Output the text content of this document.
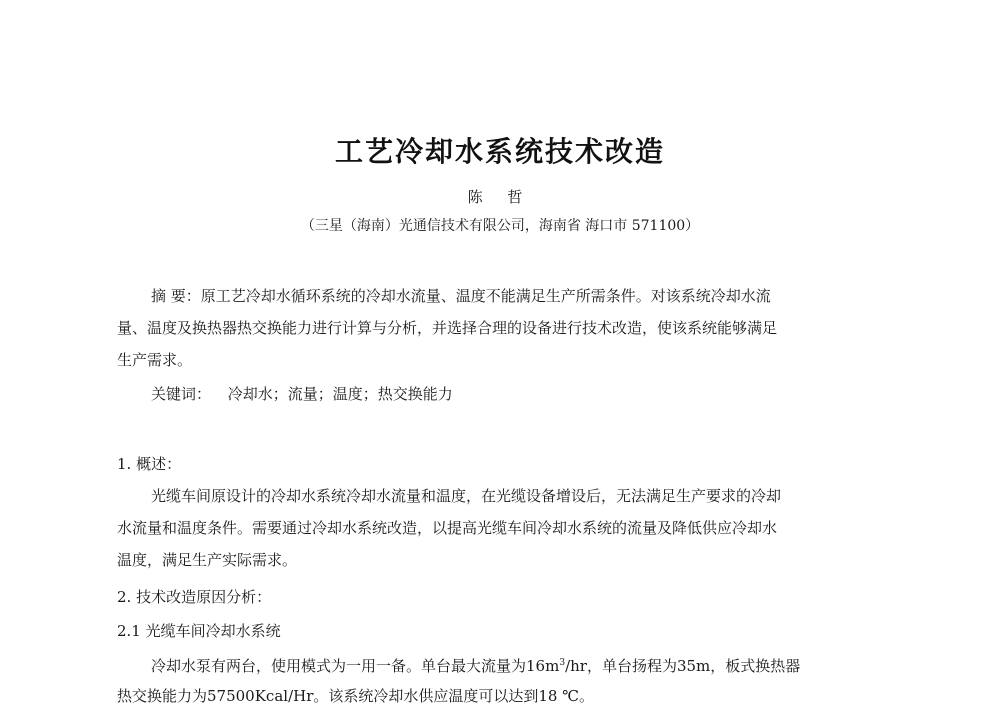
工艺冷却水系统技术改造
陈 哲
（三星（海南）光通信技术有限公司，海南省 海口市 571100）
摘 要：原工艺冷却水循环系统的冷却水流量、温度不能满足生产所需条件。对该系统冷却水流
量、温度及换热器热交换能力进行计算与分析，并选择合理的设备进行技术改造，使该系统能够满足
生产需求。
关键词： 冷却水；流量；温度；热交换能力
1. 概述：
光缆车间原设计的冷却水系统冷却水流量和温度，在光缆设备增设后，无法满足生产要求的冷却
水流量和温度条件。需要通过冷却水系统改造，以提高光缆车间冷却水系统的流量及降低供应冷却水
温度，满足生产实际需求。
2. 技术改造原因分析：
2.1 光缆车间冷却水系统
冷却水泵有两台，使用模式为一用一备。单台最大流量为$16m^3/hr$，单台扬程为35m，板式换热器
热交换能力为57500Kcal/Hr。该系统冷却水供应温度可以达到18 ℃。
